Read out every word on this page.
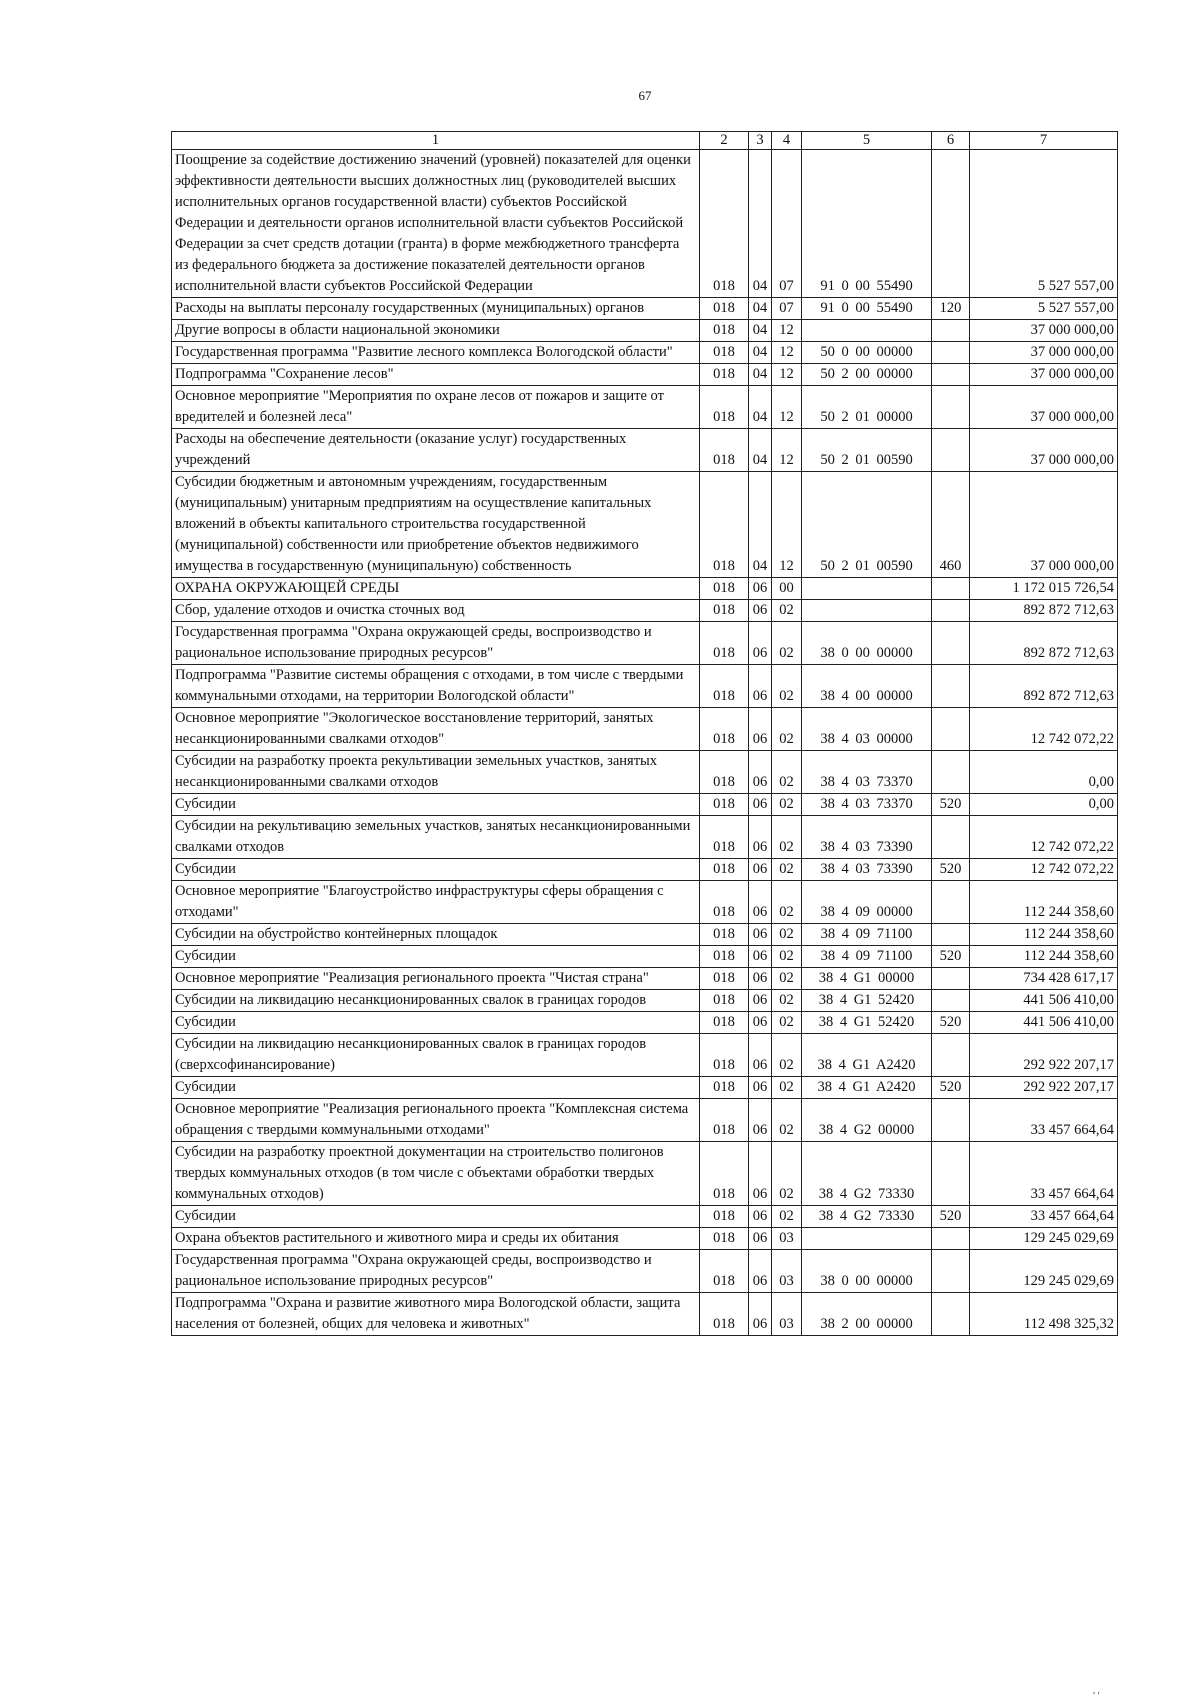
67
1	2	3	4	5	6	7
Поощрение за содействие достижению значений (уровней) показателей для оценки эффективности деятельности высших должностных лиц (руководителей высших исполнительных органов государственной власти) субъектов Российской Федерации и деятельности органов исполнительной власти субъектов Российской Федерации за счет средств дотации (гранта) в форме межбюджетного трансферта из федерального бюджета за достижение показателей деятельности органов исполнительной власти субъектов Российской Федерации	018	04	07	91 0 00 55490		5 527 557,00
Расходы на выплаты персоналу государственных (муниципальных) органов	018	04	07	91 0 00 55490	120	5 527 557,00
Другие вопросы в области национальной экономики	018	04	12			37 000 000,00
Государственная программа "Развитие лесного комплекса Вологодской области"	018	04	12	50 0 00 00000		37 000 000,00
Подпрограмма "Сохранение лесов"	018	04	12	50 2 00 00000		37 000 000,00
Основное мероприятие "Мероприятия по охране лесов от пожаров и защите от вредителей и болезней леса"	018	04	12	50 2 01 00000		37 000 000,00
Расходы на обеспечение деятельности (оказание услуг) государственных учреждений	018	04	12	50 2 01 00590		37 000 000,00
Субсидии бюджетным и автономным учреждениям, государственным (муниципальным) унитарным предприятиям на осуществление капитальных вложений в объекты капитального строительства государственной (муниципальной) собственности или приобретение объектов недвижимого имущества в государственную (муниципальную) собственность	018	04	12	50 2 01 00590	460	37 000 000,00
ОХРАНА ОКРУЖАЮЩЕЙ СРЕДЫ	018	06	00			1 172 015 726,54
Сбор, удаление отходов и очистка сточных вод	018	06	02			892 872 712,63
Государственная программа "Охрана окружающей среды, воспроизводство и рациональное использование природных ресурсов"	018	06	02	38 0 00 00000		892 872 712,63
Подпрограмма "Развитие системы обращения с отходами, в том числе с твердыми коммунальными отходами, на территории Вологодской области"	018	06	02	38 4 00 00000		892 872 712,63
Основное мероприятие "Экологическое восстановление территорий, занятых несанкционированными свалками отходов"	018	06	02	38 4 03 00000		12 742 072,22
Субсидии на разработку проекта рекультивации земельных участков, занятых несанкционированными свалками отходов	018	06	02	38 4 03 73370		0,00
Субсидии	018	06	02	38 4 03 73370	520	0,00
Субсидии на рекультивацию земельных участков, занятых несанкционированными свалками отходов	018	06	02	38 4 03 73390		12 742 072,22
Субсидии	018	06	02	38 4 03 73390	520	12 742 072,22
Основное мероприятие "Благоустройство инфраструктуры сферы обращения с отходами"	018	06	02	38 4 09 00000		112 244 358,60
Субсидии на обустройство контейнерных площадок	018	06	02	38 4 09 71100		112 244 358,60
Субсидии	018	06	02	38 4 09 71100	520	112 244 358,60
Основное мероприятие "Реализация регионального проекта "Чистая страна"	018	06	02	38 4 G1 00000		734 428 617,17
Субсидии на ликвидацию несанкционированных свалок в границах городов	018	06	02	38 4 G1 52420		441 506 410,00
Субсидии	018	06	02	38 4 G1 52420	520	441 506 410,00
Субсидии на ликвидацию несанкционированных свалок в границах городов (сверхсофинансирование)	018	06	02	38 4 G1 A2420		292 922 207,17
Субсидии	018	06	02	38 4 G1 A2420	520	292 922 207,17
Основное мероприятие "Реализация регионального проекта "Комплексная система обращения с твердыми коммунальными отходами"	018	06	02	38 4 G2 00000		33 457 664,64
Субсидии на разработку проектной документации на строительство полигонов твердых коммунальных отходов (в том числе с объектами обработки твердых коммунальных отходов)	018	06	02	38 4 G2 73330		33 457 664,64
Субсидии	018	06	02	38 4 G2 73330	520	33 457 664,64
Охрана объектов растительного и животного мира и среды их обитания	018	06	03			129 245 029,69
Государственная программа "Охрана окружающей среды, воспроизводство и рациональное использование природных ресурсов"	018	06	03	38 0 00 00000		129 245 029,69
Подпрограмма "Охрана и развитие животного мира Вологодской области, защита населения от болезней, общих для человека и животных"	018	06	03	38 2 00 00000		112 498 325,32
' '
